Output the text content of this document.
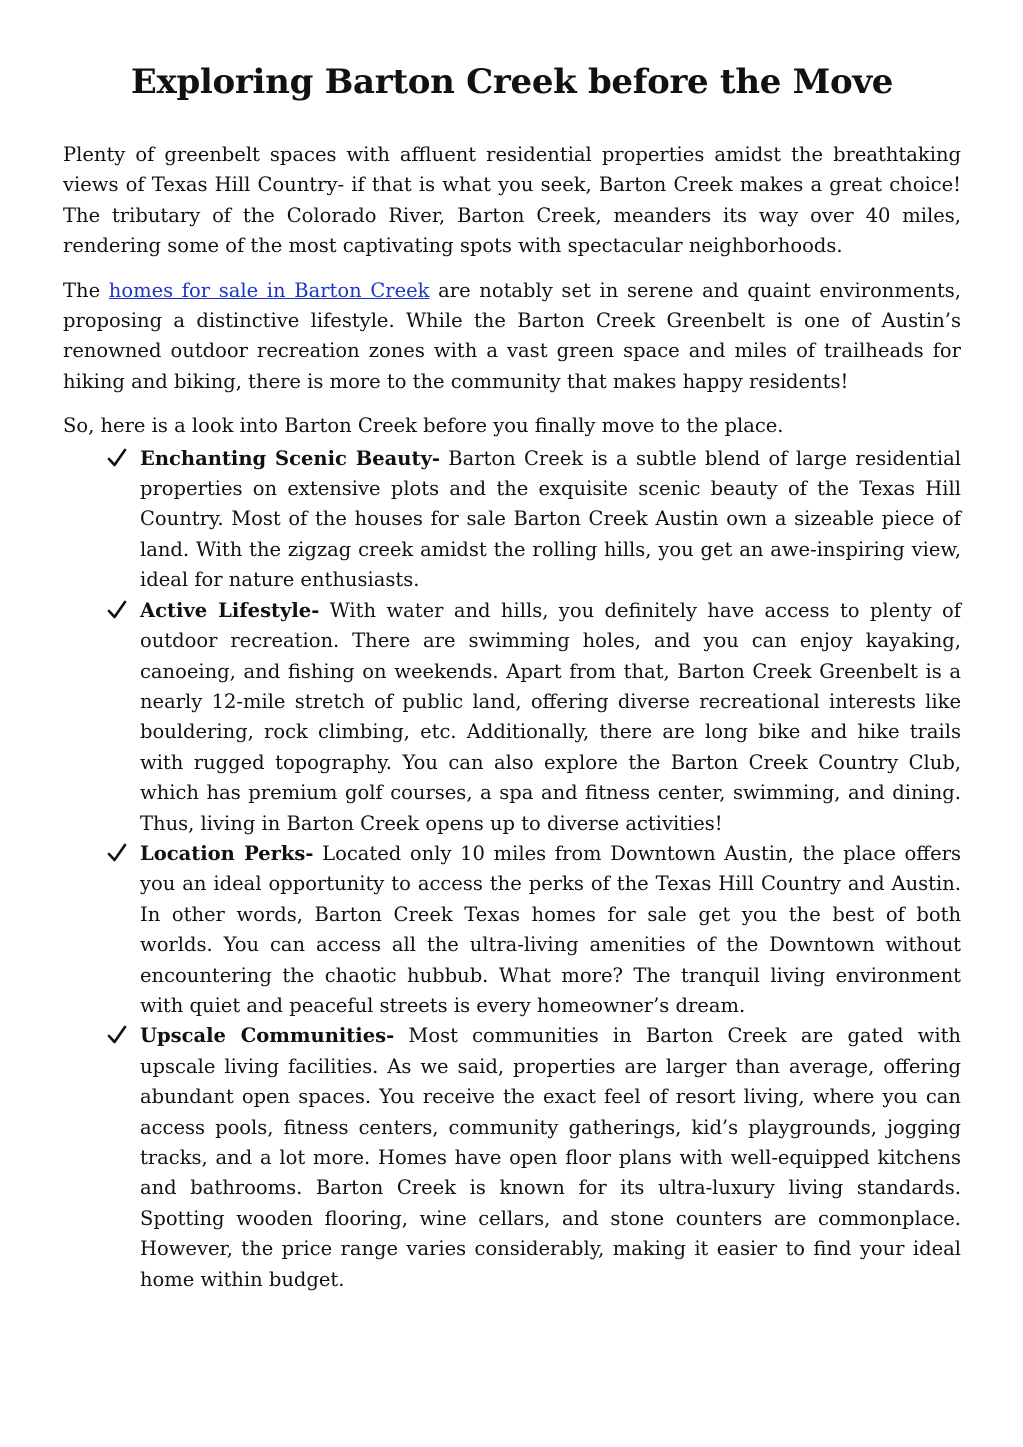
Exploring Barton Creek before the Move

Plenty of greenbelt spaces with affluent residential properties amidst the breathtaking views of Texas Hill Country- if that is what you seek, Barton Creek makes a great choice! The tributary of the Colorado River, Barton Creek, meanders its way over 40 miles, rendering some of the most captivating spots with spectacular neighborhoods.

The homes for sale in Barton Creek are notably set in serene and quaint environments, proposing a distinctive lifestyle. While the Barton Creek Greenbelt is one of Austin’s renowned outdoor recreation zones with a vast green space and miles of trailheads for hiking and biking, there is more to the community that makes happy residents!

So, here is a look into Barton Creek before you finally move to the place.

Enchanting Scenic Beauty- Barton Creek is a subtle blend of large residential properties on extensive plots and the exquisite scenic beauty of the Texas Hill Country. Most of the houses for sale Barton Creek Austin own a sizeable piece of land. With the zigzag creek amidst the rolling hills, you get an awe-inspiring view, ideal for nature enthusiasts.
Active Lifestyle- With water and hills, you definitely have access to plenty of outdoor recreation. There are swimming holes, and you can enjoy kayaking, canoeing, and fishing on weekends. Apart from that, Barton Creek Greenbelt is a nearly 12-mile stretch of public land, offering diverse recreational interests like bouldering, rock climbing, etc. Additionally, there are long bike and hike trails with rugged topography. You can also explore the Barton Creek Country Club, which has premium golf courses, a spa and fitness center, swimming, and dining. Thus, living in Barton Creek opens up to diverse activities!
Location Perks- Located only 10 miles from Downtown Austin, the place offers you an ideal opportunity to access the perks of the Texas Hill Country and Austin. In other words, Barton Creek Texas homes for sale get you the best of both worlds. You can access all the ultra-living amenities of the Downtown without encountering the chaotic hubbub. What more? The tranquil living environment with quiet and peaceful streets is every homeowner’s dream.
Upscale Communities- Most communities in Barton Creek are gated with upscale living facilities. As we said, properties are larger than average, offering abundant open spaces. You receive the exact feel of resort living, where you can access pools, fitness centers, community gatherings, kid’s playgrounds, jogging tracks, and a lot more. Homes have open floor plans with well-equipped kitchens and bathrooms. Barton Creek is known for its ultra-luxury living standards. Spotting wooden flooring, wine cellars, and stone counters are commonplace. However, the price range varies considerably, making it easier to find your ideal home within budget.
